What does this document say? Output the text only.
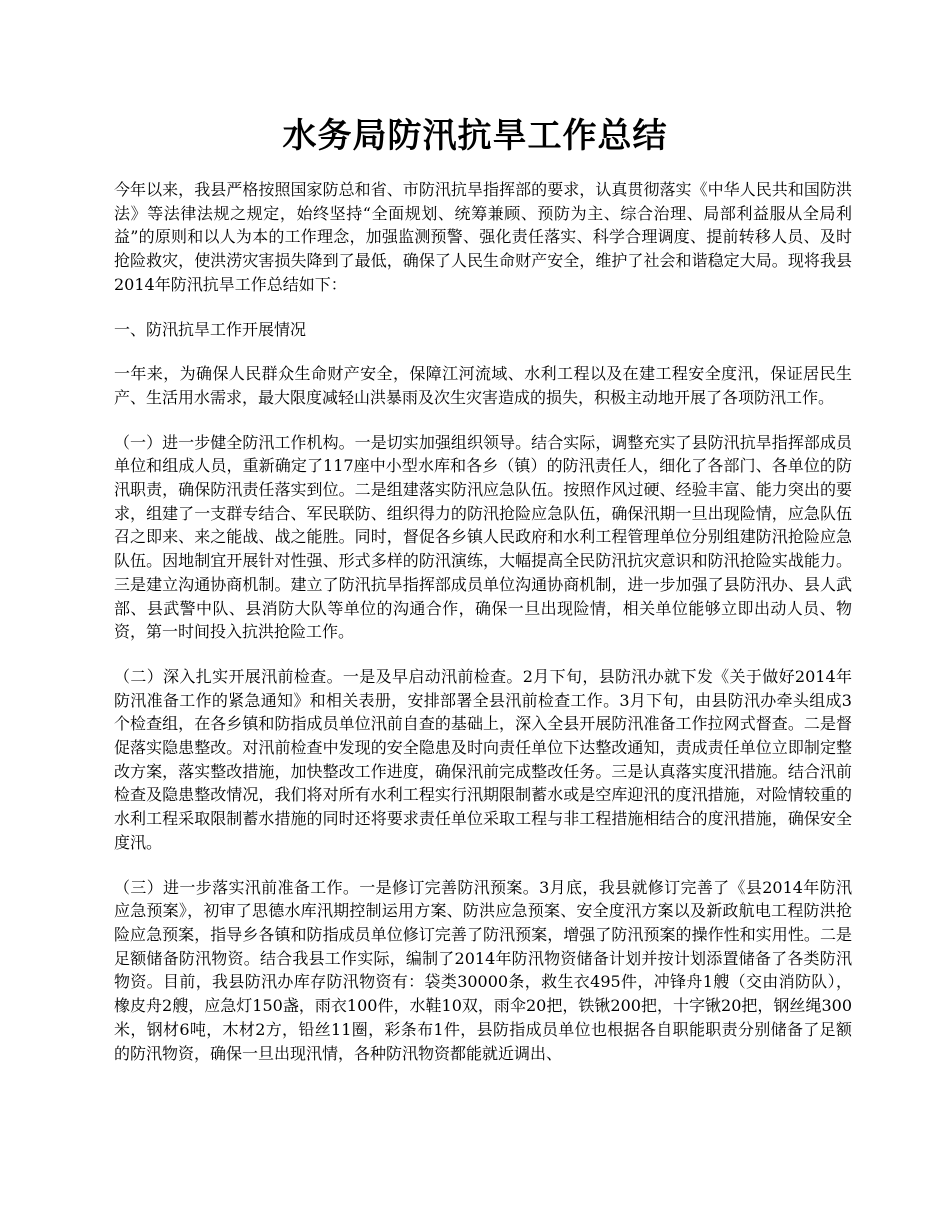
水务局防汛抗旱工作总结

今年以来，我县严格按照国家防总和省、市防汛抗旱指挥部的要求，认真贯彻落实《中华人民共和国防洪法》等法律法规之规定，始终坚持“全面规划、统筹兼顾、预防为主、综合治理、局部利益服从全局利益”的原则和以人为本的工作理念，加强监测预警、强化责任落实、科学合理调度、提前转移人员、及时抢险救灾，使洪涝灾害损失降到了最低，确保了人民生命财产安全，维护了社会和谐稳定大局。现将我县2014年防汛抗旱工作总结如下：

一、防汛抗旱工作开展情况

一年来，为确保人民群众生命财产安全，保障江河流域、水利工程以及在建工程安全度汛，保证居民生产、生活用水需求，最大限度减轻山洪暴雨及次生灾害造成的损失，积极主动地开展了各项防汛工作。

（一）进一步健全防汛工作机构。一是切实加强组织领导。结合实际，调整充实了县防汛抗旱指挥部成员单位和组成人员，重新确定了117座中小型水库和各乡（镇）的防汛责任人，细化了各部门、各单位的防汛职责，确保防汛责任落实到位。二是组建落实防汛应急队伍。按照作风过硬、经验丰富、能力突出的要求，组建了一支群专结合、军民联防、组织得力的防汛抢险应急队伍，确保汛期一旦出现险情，应急队伍召之即来、来之能战、战之能胜。同时，督促各乡镇人民政府和水利工程管理单位分别组建防汛抢险应急队伍。因地制宜开展针对性强、形式多样的防汛演练，大幅提高全民防汛抗灾意识和防汛抢险实战能力。三是建立沟通协商机制。建立了防汛抗旱指挥部成员单位沟通协商机制，进一步加强了县防汛办、县人武部、县武警中队、县消防大队等单位的沟通合作，确保一旦出现险情，相关单位能够立即出动人员、物资，第一时间投入抗洪抢险工作。

（二）深入扎实开展汛前检查。一是及早启动汛前检查。2月下旬，县防汛办就下发《关于做好2014年防汛准备工作的紧急通知》和相关表册，安排部署全县汛前检查工作。3月下旬，由县防汛办牵头组成3个检查组，在各乡镇和防指成员单位汛前自查的基础上，深入全县开展防汛准备工作拉网式督查。二是督促落实隐患整改。对汛前检查中发现的安全隐患及时向责任单位下达整改通知，责成责任单位立即制定整改方案，落实整改措施，加快整改工作进度，确保汛前完成整改任务。三是认真落实度汛措施。结合汛前检查及隐患整改情况，我们将对所有水利工程实行汛期限制蓄水或是空库迎汛的度汛措施，对险情较重的水利工程采取限制蓄水措施的同时还将要求责任单位采取工程与非工程措施相结合的度汛措施，确保安全度汛。

（三）进一步落实汛前准备工作。一是修订完善防汛预案。3月底，我县就修订完善了《县2014年防汛应急预案》，初审了思德水库汛期控制运用方案、防洪应急预案、安全度汛方案以及新政航电工程防洪抢险应急预案，指导乡各镇和防指成员单位修订完善了防汛预案，增强了防汛预案的操作性和实用性。二是足额储备防汛物资。结合我县工作实际，编制了2014年防汛物资储备计划并按计划添置储备了各类防汛物资。目前，我县防汛办库存防汛物资有：袋类30000条，救生衣495件，冲锋舟1艘（交由消防队），橡皮舟2艘，应急灯150盏，雨衣100件，水鞋10双，雨伞20把，铁锹200把，十字锹20把，钢丝绳300米，钢材6吨，木材2方，铅丝11圈，彩条布1件，县防指成员单位也根据各自职能职责分别储备了足额的防汛物资，确保一旦出现汛情，各种防汛物资都能就近调出、
